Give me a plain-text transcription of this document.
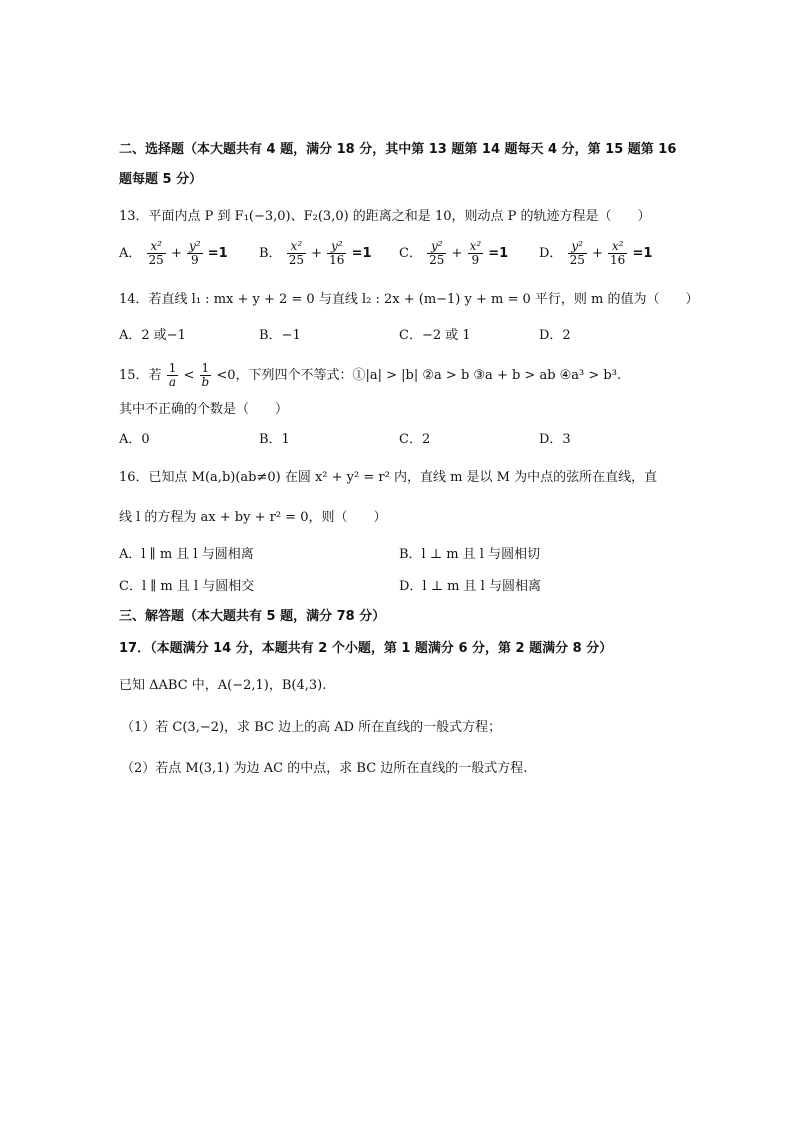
二、选择题（本大题共有 4 题，满分 18 分，其中第 13 题第 14 题每天 4 分，第 15 题第 16
题每题 5 分）
13．平面内点 P 到 F₁(−3,0)、F₂(3,0) 的距离之和是 10，则动点 P 的轨迹方程是（　　）
A． $\frac{\text{x²}}{25} + \frac{\text{y²}}{9} =1$ B． $\frac{\text{x²}}{25} + \frac{\text{y²}}{16} =1$ C． $\frac{\text{y²}}{25} + \frac{\text{x²}}{9} =1$ D． $\frac{\text{y²}}{25} + \frac{\text{x²}}{16} =1$
14．若直线 l₁ : mx + y + 2 = 0 与直线 l₂ : 2x + (m−1) y + m = 0 平行，则 m 的值为（　　）
A．2 或−1	B．−1	C．−2 或 1	D．2
15．若 $\frac{1}{a} < \frac{1}{b} <0$，下列四个不等式：①|a| > |b| ②a > b ③a + b > ab ④a³ > b³.
其中不正确的个数是（　　）
A．0	B．1	C．2	D．3
16．已知点 M(a,b)(ab≠0) 在圆 x² + y² = r² 内，直线 m 是以 M 为中点的弦所在直线，直
线 l 的方程为 ax + by + r² = 0，则（　　）
A．l ∥ m 且 l 与圆相离	B．l ⊥ m 且 l 与圆相切
C．l ∥ m 且 l 与圆相交	D．l ⊥ m 且 l 与圆相离
三、解答题（本大题共有 5 题，满分 78 分）
17．（本题满分 14 分，本题共有 2 个小题，第 1 题满分 6 分，第 2 题满分 8 分）
已知 ΔABC 中，A(−2,1)，B(4,3).
（1）若 C(3,−2)，求 BC 边上的高 AD 所在直线的一般式方程；
（2）若点 M(3,1) 为边 AC 的中点，求 BC 边所在直线的一般式方程.
